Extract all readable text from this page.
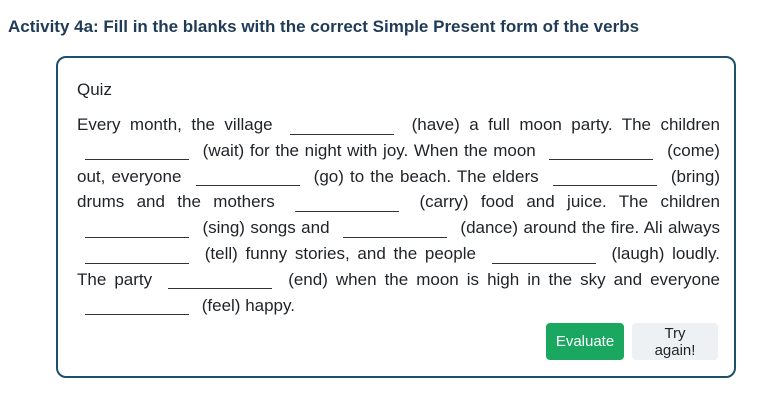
Activity 4a: Fill in the blanks with the correct Simple Present form of the verbs
Quiz
Every month, the village	(have) a full moon party. The children  (wait) for the night with joy. When the moon	(come) out, everyone	(go) to the beach. The elders	(bring) drums and the mothers	(carry) food and juice. The children  (sing) songs and	(dance) around the fire. Ali always  (tell) funny stories, and the people	(laugh) loudly. The party	(end) when the moon is high in the sky and everyone  (feel) happy.
Evaluate	Try again!
